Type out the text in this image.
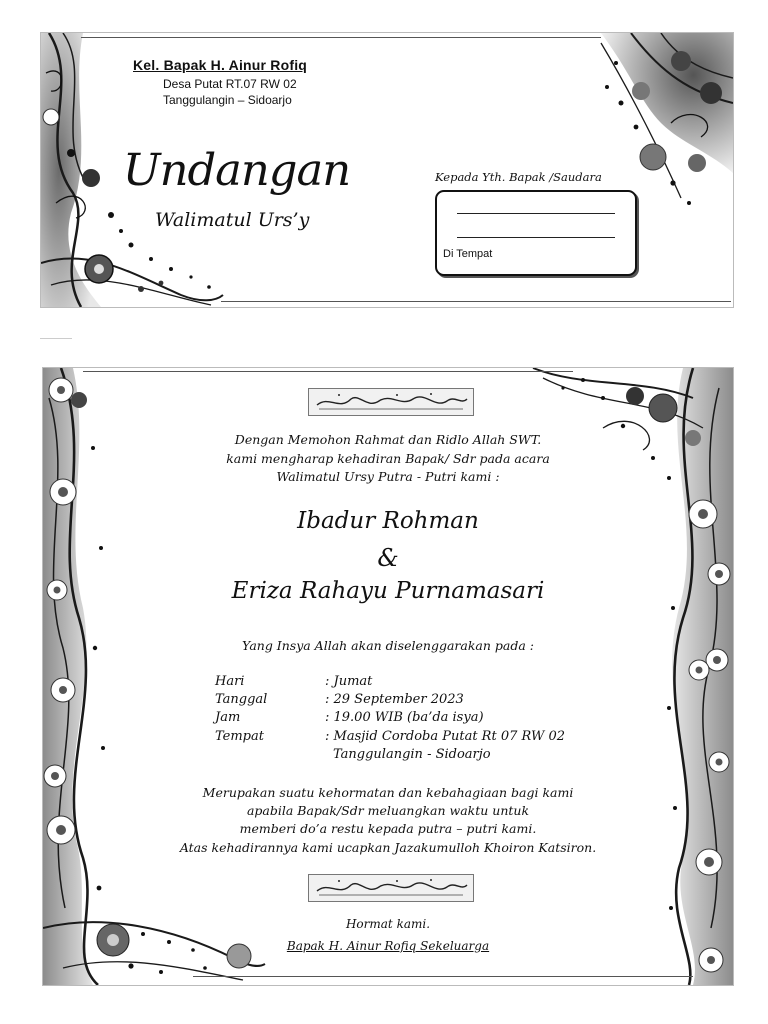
Kel. Bapak H. Ainur Rofiq
Desa Putat RT.07 RW 02
Tanggulangin – Sidoarjo
Undangan
Walimatul Urs’y
Kepada Yth. Bapak /Saudara
Di Tempat
Dengan Memohon Rahmat dan Ridlo Allah SWT.
kami mengharap kehadiran Bapak/ Sdr pada acara
Walimatul Ursy Putra - Putri kami :
Ibadur Rohman
&
Eriza Rahayu Purnamasari
Yang Insya Allah akan diselenggarakan pada :
Hari	: Jumat
Tanggal	: 29 September 2023
Jam	: 19.00 WIB (ba’da isya)
Tempat	: Masjid Cordoba Putat Rt 07 RW 02
Tanggulangin - Sidoarjo
Merupakan suatu kehormatan dan kebahagiaan bagi kami
apabila Bapak/Sdr meluangkan waktu untuk
memberi do’a restu kepada putra – putri kami.
Atas kehadirannya kami ucapkan Jazakumulloh Khoiron Katsiron.
Hormat kami.
Bapak H. Ainur Rofiq Sekeluarga
